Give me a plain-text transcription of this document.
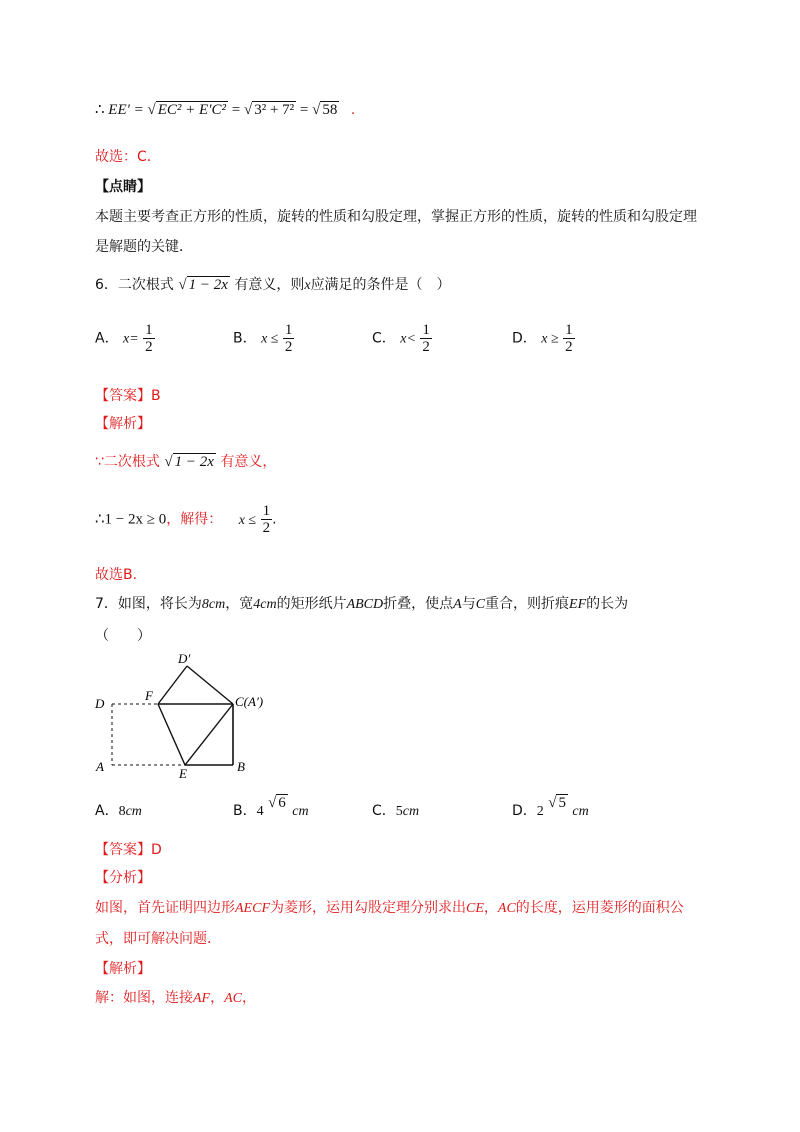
∴ EE′ = √ EC² + E′C² = √ 3² + 7² = √ 58 .
故选：C．
【点睛】
本题主要考查正方形的性质，旋转的性质和勾股定理，掌握正方形的性质，旋转的性质和勾股定理
是解题的关键．
6．二次根式 √ 1 − 2x 有意义，则x应满足的条件是（　）
A． $x= \frac{1}{2}$	B． $x \le \frac{1}{2}$	C． $x< \frac{1}{2}$	D． $x \ge \frac{1}{2}$
【答案】B
【解析】
∵二次根式 √ 1 − 2x 有意义，
∴1 − 2x ≥ 0，解得： $x \le \frac{1}{2}$ .
故选B.
7．如图，将长为8cm，宽4cm的矩形纸片ABCD折叠，使点A与C重合，则折痕EF的长为
（　　）
D′
D
F	C(A′)
A	E	B
A．8cm	B．4 √ 6 cm	C．5cm	D．2 √ 5 cm
【答案】D
【分析】
如图，首先证明四边形AECF为菱形，运用勾股定理分别求出CE，AC的长度，运用菱形的面积公
式，即可解决问题．
【解析】
解：如图，连接AF，AC，
